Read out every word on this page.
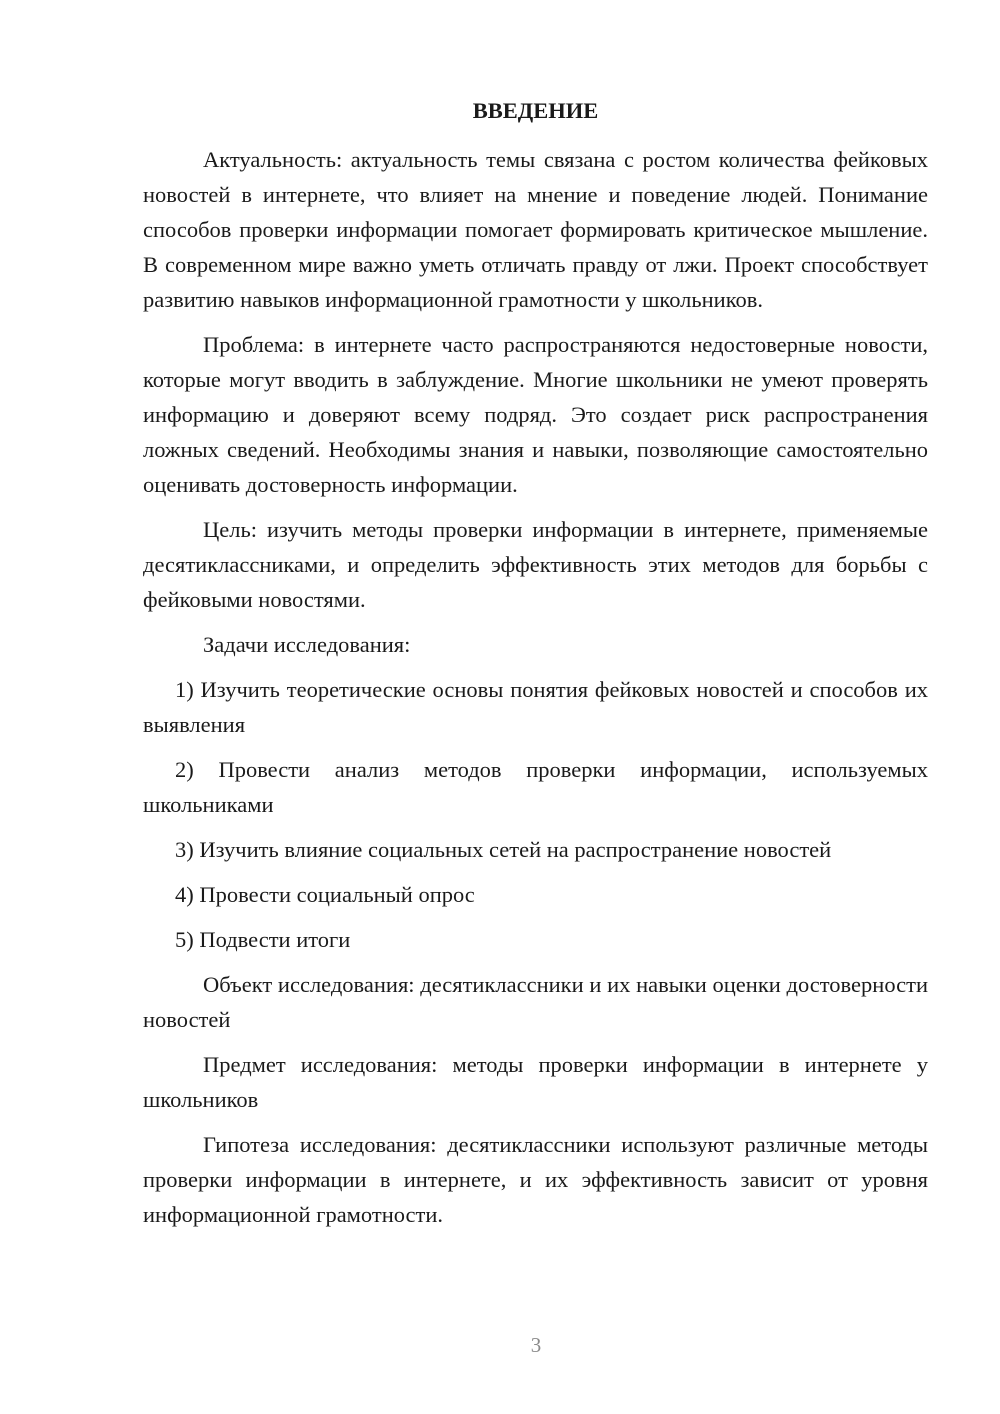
ВВЕДЕНИЕ

Актуальность: актуальность темы связана с ростом количества фейковых новостей в интернете, что влияет на мнение и поведение людей. Понимание способов проверки информации помогает формировать критическое мышление. В современном мире важно уметь отличать правду от лжи. Проект способствует развитию навыков информационной грамотности у школьников.

Проблема: в интернете часто распространяются недостоверные новости, которые могут вводить в заблуждение. Многие школьники не умеют проверять информацию и доверяют всему подряд. Это создает риск распространения ложных сведений. Необходимы знания и навыки, позволяющие самостоятельно оценивать достоверность информации.

Цель: изучить методы проверки информации в интернете, применяемые десятиклассниками, и определить эффективность этих методов для борьбы с фейковыми новостями.

Задачи исследования:

1) Изучить теоретические основы понятия фейковых новостей и способов их выявления

2) Провести анализ методов проверки информации, используемых школьниками

3) Изучить влияние социальных сетей на распространение новостей

4) Провести социальный опрос

5) Подвести итоги

Объект исследования: десятиклассники и их навыки оценки достоверности новостей

Предмет исследования: методы проверки информации в интернете у школьников

Гипотеза исследования: десятиклассники используют различные методы проверки информации в интернете, и их эффективность зависит от уровня информационной грамотности.

3
